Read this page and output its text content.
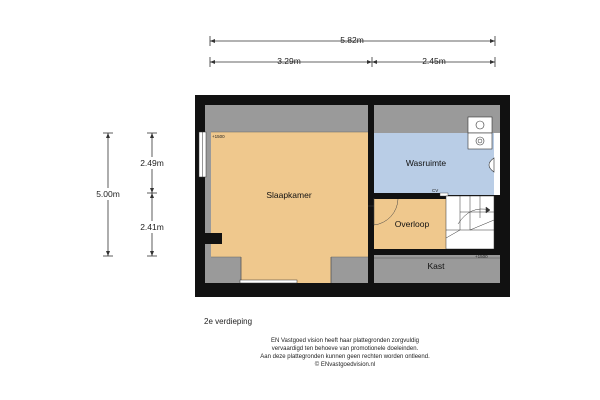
5.82m
3.29m	2.45m
5.00m
2.49m
2.41m
Slaapkamer
Wasruimte
Overloop
Kast
+1500
+1500
CV
2e verdieping
EN Vastgoed vision heeft haar plattegronden zorgvuldig
vervaardigd ten behoeve van promotionele doeleinden.
Aan deze plattegronden kunnen geen rechten worden ontleend.
© ENvastgoedvision.nl
